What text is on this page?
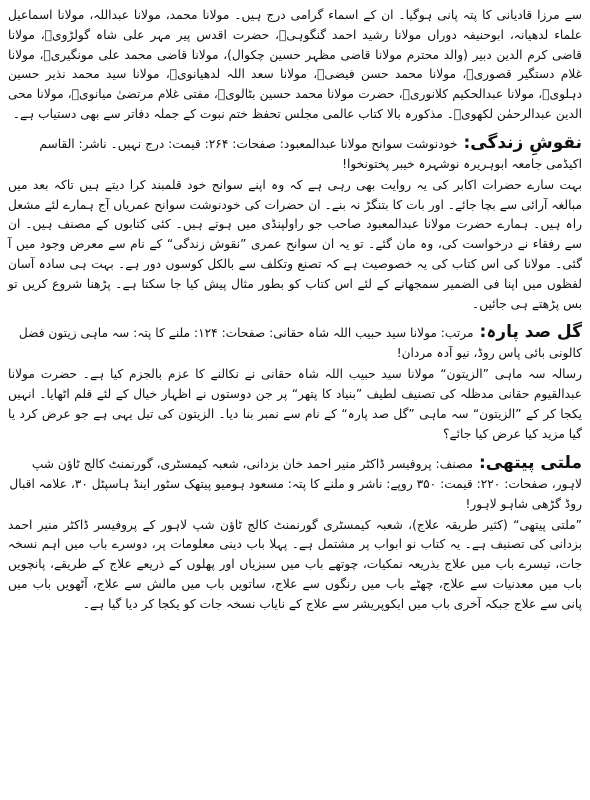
سے مرزا قادیانی کا پتہ پانی ہوگیا۔ ان کے اسماء گرامی درج ہیں۔ مولانا محمد، مولانا عبداللہ، مولانا اسماعیل علماء لدھیانہ، ابوحنیفہ دوراں مولانا رشید احمد گنگوہیؒ، حضرت اقدس پیر مہر علی شاہ گولڑویؒ، مولانا قاضی کرم الدین دبیر (والد محترم مولانا قاضی مظہر حسین چکوال)، مولانا قاضی محمد علی مونگیریؒ، مولانا غلام دستگیر قصوریؒ، مولانا محمد حسن فیضیؒ، مولانا سعد اللہ لدھیانویؒ، مولانا سید محمد نذیر حسین دہلویؒ، مولانا عبدالحکیم کلانوریؒ، حضرت مولانا محمد حسین بٹالویؒ، مفتی غلام مرتضیٰ میانویؒ، مولانا محی الدین عبدالرحمٰن لکھویؒ۔ مذکورہ بالا کتاب عالمی مجلس تحفظ ختم نبوت کے جملہ دفاتر سے بھی دستیاب ہے۔

نقوشِ زندگی:خودنوشت سوانح مولانا عبدالمعبود: صفحات: ۲۶۴: قیمت: درج نہیں۔ ناشر: القاسم اکیڈمی جامعہ ابوہریرہ نوشہرہ خیبر پختونخوا!

بہت سارے حضرات اکابر کی یہ روایت بھی رہی ہے کہ وہ اپنے سوانح خود قلمبند کرا دیتے ہیں تاکہ بعد میں مبالغہ آرائی سے بچا جائے۔ اور بات کا بتنگڑ نہ بنے۔ ان حضرات کی خودنوشت سوانح عمریاں آج ہمارے لئے مشعل راہ ہیں۔ ہمارے حضرت مولانا عبدالمعبود صاحب جو راولپنڈی میں ہوتے ہیں۔ کئی کتابوں کے مصنف ہیں۔ ان سے رفقاء نے درخواست کی، وہ مان گئے۔ تو یہ ان سوانح عمری ”نقوش زندگی“ کے نام سے معرض وجود میں آ گئی۔ مولانا کی اس کتاب کی یہ خصوصیت ہے کہ تصنع وتکلف سے بالکل کوسوں دور ہے۔ بہت ہی سادہ آسان لفظوں میں اپنا فی الضمیر سمجھانے کے لئے اس کتاب کو بطور مثال پیش کیا جا سکتا ہے۔ پڑھنا شروع کریں تو بس پڑھتے ہی جائیں۔

گل صد پارہ:مرتب: مولانا سید حبیب اللہ شاہ حقانی: صفحات: ۱۲۴: ملنے کا پتہ: سہ ماہی زیتون فضل کالونی بائی پاس روڈ، نیو آدہ مردان!

رسالہ سہ ماہی ”الزیتون“ مولانا سید حبیب اللہ شاہ حقانی نے نکالنے کا عزم بالجزم کیا ہے۔ حضرت مولانا عبدالقیوم حقانی مدظلہ کی تصنیف لطیف ”بنیاد کا پتھر“ پر جن دوستوں نے اظہار خیال کے لئے قلم اٹھایا۔ انہیں یکجا کر کے ”الزیتون“ سہ ماہی ”گل صد پارہ“ کے نام سے نمبر بنا دیا۔ الزیتون کی تیل یہی ہے جو عرض کرد یا گیا مزید کیا عرض کیا جائے؟

ملتی پیتھی:مصنف: پروفیسر ڈاکٹر منیر احمد خان بزدانی، شعبہ کیمسٹری، گورنمنٹ کالج ٹاؤن شپ لاہور، صفحات: ۲۲۰: قیمت: ۳۵۰ روپے: ناشر و ملنے کا پتہ: مسعود ہومیو پیتھک سٹور اینڈ ہاسپٹل ۳۰، علامہ اقبال روڈ گڑھی شاہو لاہور!

”ملتی پیتھی“ (کثیر طریقہ علاج)، شعبہ کیمسٹری گورنمنٹ کالج ٹاؤن شپ لاہور کے پروفیسر ڈاکٹر منیر احمد بزدانی کی تصنیف ہے۔ یہ کتاب نو ابواب پر مشتمل ہے۔ پہلا باب دینی معلومات پر، دوسرے باب میں اہم نسخہ جات، تیسرے باب میں علاج بذریعہ نمکیات، چوتھے باب میں سبزیاں اور پھلوں کے ذریعے علاج کے طریقے، پانچویں باب میں معدنیات سے علاج، چھٹے باب میں رنگوں سے علاج، ساتویں باب میں مالش سے علاج، آٹھویں باب میں پانی سے علاج جبکہ آخری باب میں ایکوپریشر سے علاج کے نایاب نسخہ جات کو یکجا کر دیا گیا ہے۔
